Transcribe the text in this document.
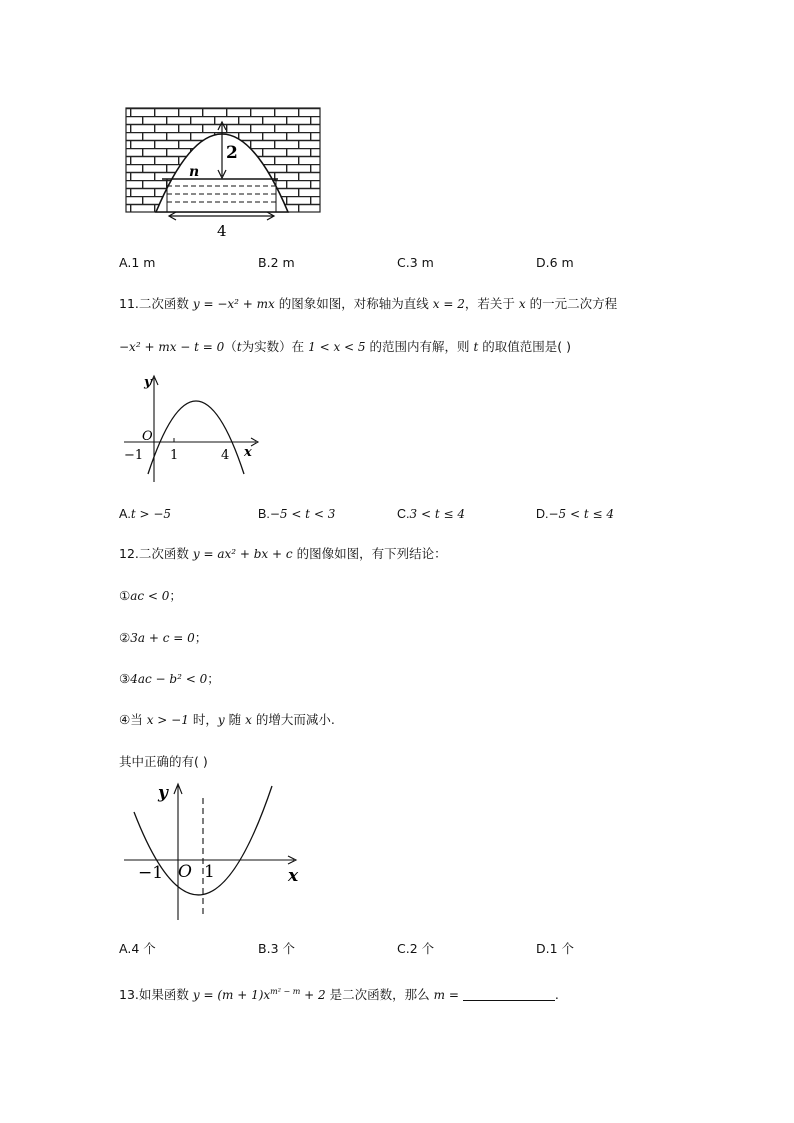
2
n
4
A.1 m	B.2 m	C.3 m	D.6 m
11.二次函数 y = −x² + mx 的图象如图，对称轴为直线 x = 2，若关于 x 的一元二次方程
−x² + mx − t = 0（t为实数）在 1 < x < 5 的范围内有解，则 t 的取值范围是( )
y
x
O
−1 1	4
A.t > −5	B.−5 < t < 3	C.3 < t ≤ 4	D.−5 < t ≤ 4
12.二次函数 y = ax² + bx + c 的图像如图，有下列结论：
①ac < 0；
②3a + c = 0；
③4ac − b² < 0；
④当 x > −1 时，y 随 x 的增大而减小.
其中正确的有( )
y
x
O
−1 1
A.4 个	B.3 个	C.2 个	D.1 个
13.如果函数 $y = (m + 1)x^{m^2 - m} + 2$ 是二次函数，那么 m =	.
